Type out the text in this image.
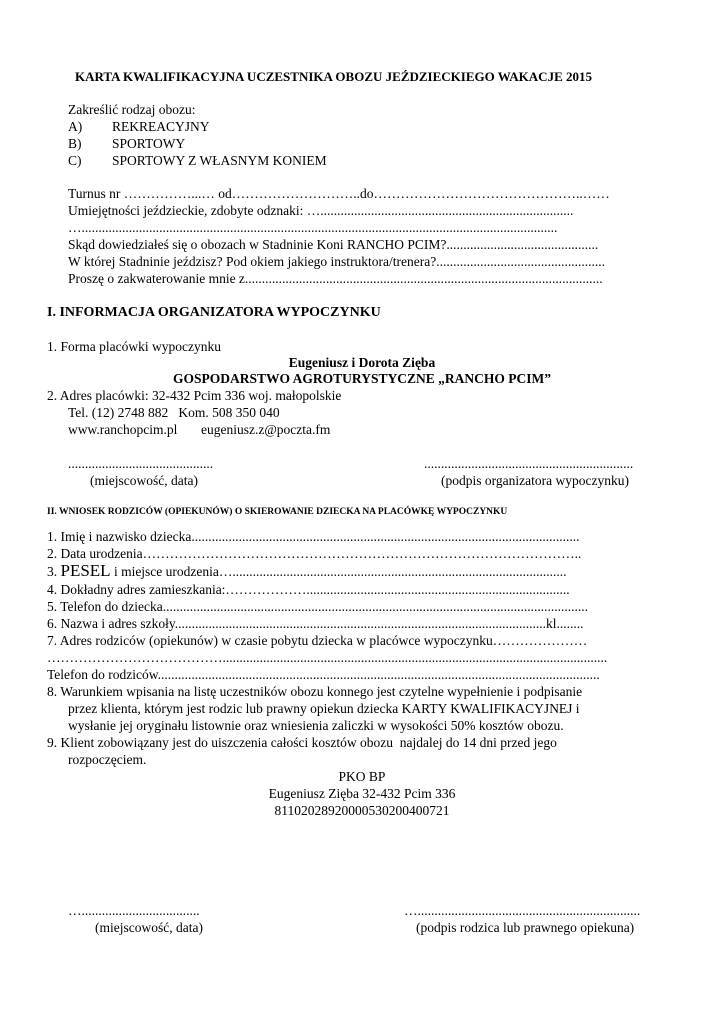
KARTA KWALIFIKACYJNA UCZESTNIKA OBOZU JEŹDZIECKIEGO WAKACJE 2015
Zakreślić rodzaj obozu:
A) REKREACYJNY
B) SPORTOWY
C) SPORTOWY Z WŁASNYM KONIEM
Turnus nr ……………...… od………………………..do………………………………………..……
Umiejętności jeździeckie, zdobyte odznaki: …...........................................................................
….............................................................................................................................................
Skąd dowiedziałeś się o obozach w Stadninie Koni RANCHO PCIM?.............................................
W której Stadninie jeździsz? Pod okiem jakiego instruktora/trenera?..................................................
Proszę o zakwaterowanie mnie z..........................................................................................................
I. INFORMACJA ORGANIZATORA WYPOCZYNKU
1. Forma placówki wypoczynku
Eugeniusz i Dorota Zięba
GOSPODARSTWO AGROTURYSTYCZNE „RANCHO PCIM”
2. Adres placówki: 32-432 Pcim 336 woj. małopolskie
Tel. (12) 2748 882   Kom. 508 350 040
www.ranchopcim.pl       eugeniusz.z@poczta.fm
...........................................	..............................................................
(miejscowość, data)	(podpis organizatora wypoczynku)
II. WNIOSEK RODZICÓW (OPIEKUNÓW) O SKIEROWANIE DZIECKA NA PLACÓWKĘ WYPOCZYNKU
1. Imię i nazwisko dziecka...................................................................................................................
2. Data urodzenia……………………………………………………………………………………..
3. PESEL i miejsce urodzenia…...................................................................................................
4. Dokładny adres zamieszkania:………………..............................................................................
5. Telefon do dziecka..............................................................................................................................
6. Nazwa i adres szkoły..............................................................................................................kl........
7. Adres rodziców (opiekunów) w czasie pobytu dziecka w placówce wypoczynku…………………
…………………………………..................................................................................................................
Telefon do rodziców...................................................................................................................................
8. Warunkiem wpisania na listę uczestników obozu konnego jest czytelne wypełnienie i podpisanie
przez klienta, którym jest rodzic lub prawny opiekun dziecka KARTY KWALIFIKACYJNEJ i
wysłanie jej oryginału listownie oraz wniesienia zaliczki w wysokości 50% kosztów obozu.
9. Klient zobowiązany jest do uiszczenia całości kosztów obozu  najdalej do 14 dni przed jego
rozpoczęciem.
PKO BP
Eugeniusz Zięba 32-432 Pcim 336
81102028920000530200400721
…...................................	…..................................................................
(miejscowość, data)	(podpis rodzica lub prawnego opiekuna)
